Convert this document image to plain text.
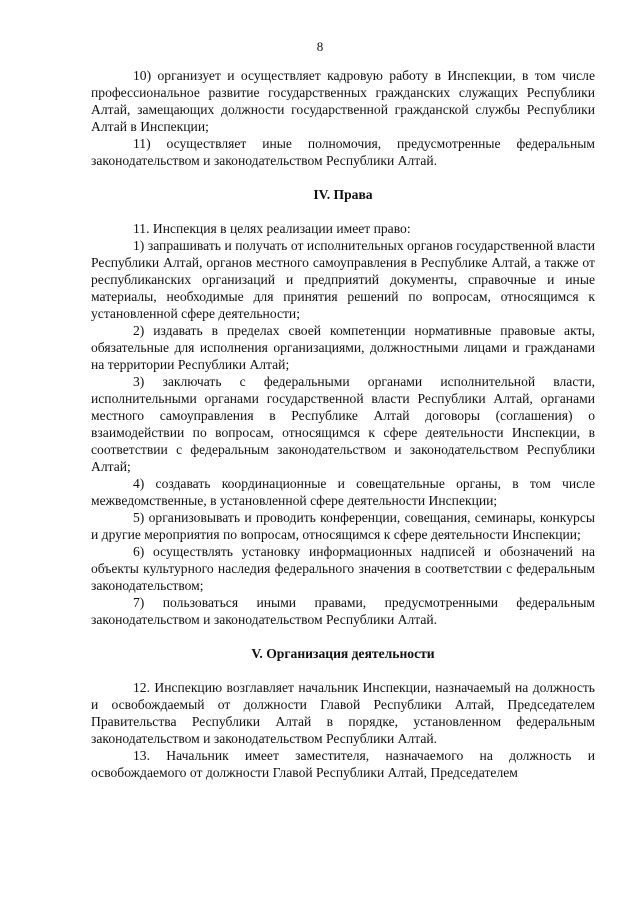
8

10) организует и осуществляет кадровую работу в Инспекции, в том числе профессиональное развитие государственных гражданских служащих Республики Алтай, замещающих должности государственной гражданской службы Республики Алтай в Инспекции;

11) осуществляет иные полномочия, предусмотренные федеральным законодательством и законодательством Республики Алтай.

IV. Права

11. Инспекция в целях реализации имеет право:

1) запрашивать и получать от исполнительных органов государственной власти Республики Алтай, органов местного самоуправления в Республике Алтай, а также от республиканских организаций и предприятий документы, справочные и иные материалы, необходимые для принятия решений по вопросам, относящимся к установленной сфере деятельности;

2) издавать в пределах своей компетенции нормативные правовые акты, обязательные для исполнения организациями, должностными лицами и гражданами на территории Республики Алтай;

3) заключать с федеральными органами исполнительной власти, исполнительными органами государственной власти Республики Алтай, органами местного самоуправления в Республике Алтай договоры (соглашения) о взаимодействии по вопросам, относящимся к сфере деятельности Инспекции, в соответствии с федеральным законодательством и законодательством Республики Алтай;

4) создавать координационные и совещательные органы, в том числе межведомственные, в установленной сфере деятельности Инспекции;

5) организовывать и проводить конференции, совещания, семинары, конкурсы и другие мероприятия по вопросам, относящимся к сфере деятельности Инспекции;

6) осуществлять установку информационных надписей и обозначений на объекты культурного наследия федерального значения в соответствии с федеральным законодательством;

7) пользоваться иными правами, предусмотренными федеральным законодательством и законодательством Республики Алтай.

V. Организация деятельности

12. Инспекцию возглавляет начальник Инспекции, назначаемый на должность и освобождаемый от должности Главой Республики Алтай, Председателем Правительства Республики Алтай в порядке, установленном федеральным законодательством и законодательством Республики Алтай.

13. Начальник имеет заместителя, назначаемого на должность и освобождаемого от должности Главой Республики Алтай, Председателем
